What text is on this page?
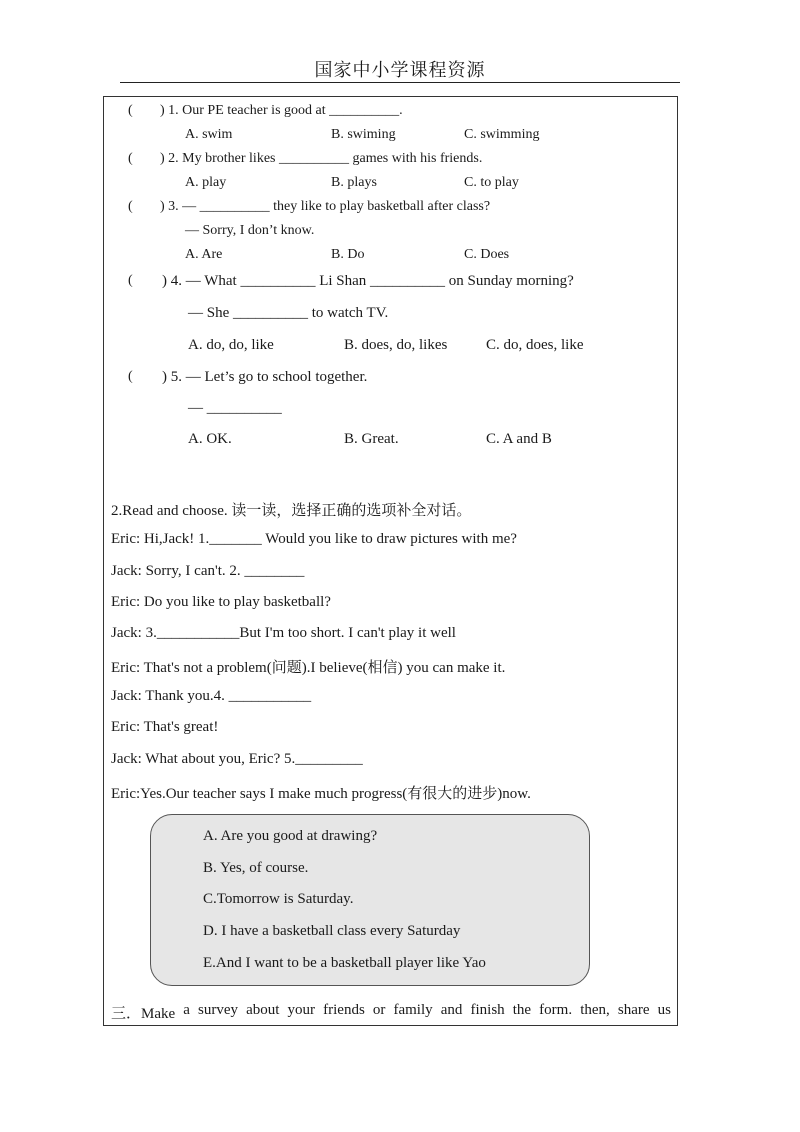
国家中小学课程资源
( ) 1. Our PE teacher is good at __________.
A. swim	B. swiming	C. swimming
( ) 2. My brother likes __________ games with his friends.
A. play	B. plays	C. to play
( ) 3. — __________ they like to play basketball after class?
— Sorry, I don’t know.
A. Are	B. Do	C. Does
( ) 4. — What __________ Li Shan __________ on Sunday morning?
— She __________ to watch TV.
A. do, do, like	B. does, do, likes	C. do, does, like
( ) 5. — Let’s go to school together.
— __________
A. OK.	B. Great.	C. A and B
2.Read and choose. 读一读，选择正确的选项补全对话。
Eric: Hi,Jack! 1._______ Would you like to draw pictures with me?
Jack: Sorry, I can't. 2. ________
Eric: Do you like to play basketball?
Jack: 3.___________But I'm too short. I can't play it well
Eric: That's not a problem(问题).I believe(相信) you can make it.
Jack: Thank you.4. ___________
Eric: That's great!
Jack: What about you, Eric? 5._________
Eric:Yes.Our teacher says I make much progress(有很大的进步)now.
A. Are you good at drawing?
B. Yes, of course.
C.Tomorrow is Saturday.
D. I have a basketball class every Saturday
E.And I want to be a basketball player like Yao
三．Make a survey about your friends or family and finish the form. then, share us
